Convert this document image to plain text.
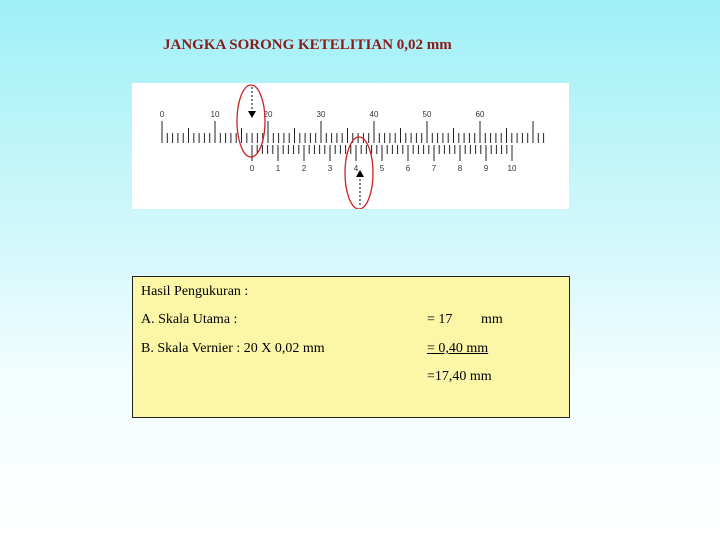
JANGKA SORONG KETELITIAN 0,02 mm
0	10	20	30	40	50	60
0	1	2	3	4	5	6	7	8	9 10
Hasil Pengukuran :
A. Skala Utama :	= 17 mm
B. Skala Vernier : 20 X 0,02 mm	= 0,40 mm
=17,40 mm
